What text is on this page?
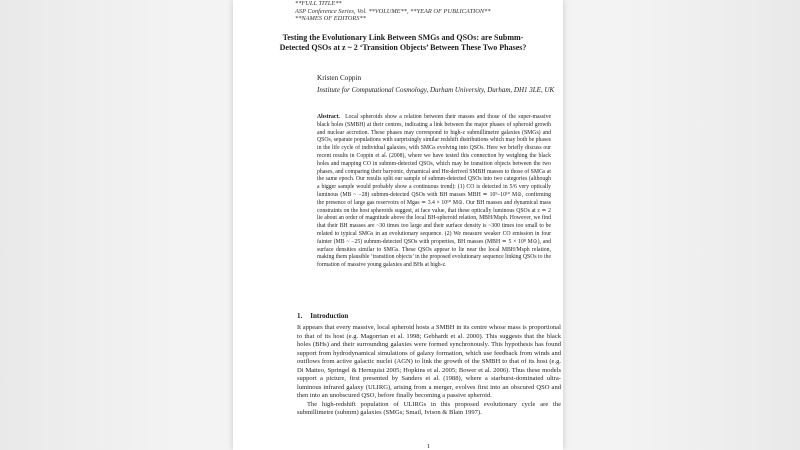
**FULL TITLE**
ASP Conference Series, Vol. **VOLUME**, **YEAR OF PUBLICATION**
**NAMES OF EDITORS**
Testing the Evolutionary Link Between SMGs and QSOs: are Submm-Detected QSOs at z ~ 2 ‘Transition Objects’ Between These Two Phases?
Kristen Coppin
Institute for Computational Cosmology, Durham University, Durham, DH1 3LE, UK
Abstract. Local spheroids show a relation between their masses and those of the super-massive black holes (SMBH) at their centres, indicating a link between the major phases of spheroid growth and nuclear accretion. These phases may correspond to high-z submillimetre galaxies (SMGs) and QSOs, separate populations with surprisingly similar redshift distributions which may both be phases in the life cycle of individual galaxies, with SMGs evolving into QSOs. Here we briefly discuss our recent results in Coppin et al. (2008), where we have tested this connection by weighing the black holes and mapping CO in submm-detected QSOs, which may be transition objects between the two phases, and comparing their baryonic, dynamical and Hα-derived SMBH masses to those of SMGs at the same epoch. Our results split our sample of submm-detected QSOs into two categories (although a bigger sample would probably show a continuous trend): (1) CO is detected in 5/6 very optically luminous (MB ~ −28) submm-detected QSOs with BH masses MBH ≃ 10⁹–10¹⁰ M⊙, confirming the presence of large gas reservoirs of Mgas ≃ 3.4 × 10¹⁰ M⊙. Our BH masses and dynamical mass constraints on the host spheroids suggest, at face value, that these optically luminous QSOs at z ≃ 2 lie about an order of magnitude above the local BH-spheroid relation, MBH/Msph. However, we find that their BH masses are ~30 times too large and their surface density is ~300 times too small to be related to typical SMGs in an evolutionary sequence. (2) We measure weaker CO emission in four fainter (MB ~ −25) submm-detected QSOs with properties, BH masses (MBH ≃ 5 × 10⁸ M⊙), and surface densities similar to SMGs. These QSOs appear to lie near the local MBH/Msph relation, making them plausible ‘transition objects’ in the proposed evolutionary sequence linking QSOs to the formation of massive young galaxies and BHs at high-z.
1. Introduction

It appears that every massive, local spheroid hosts a SMBH in its centre whose mass is proportional to that of its host (e.g. Magorrian et al. 1998; Gebhardt et al. 2000). This suggests that the black holes (BHs) and their surrounding galaxies were formed synchronously. This hypothesis has found support from hydrodynamical simulations of galaxy formation, which use feedback from winds and outflows from active galactic nuclei (AGN) to link the growth of the SMBH to that of its host (e.g. Di Matteo, Springel & Hernquist 2005; Hopkins et al. 2005; Bower et al. 2006). Thus these models support a picture, first presented by Sanders et al. (1988), where a starburst-dominated ultra-luminous infrared galaxy (ULIRG), arising from a merger, evolves first into an obscured QSO and then into an unobscured QSO, before finally becoming a passive spheroid.

The high-redshift population of ULIRGs in this proposed evolutionary cycle are the submillimetre (submm) galaxies (SMGs; Smail, Ivison & Blain 1997).

1
